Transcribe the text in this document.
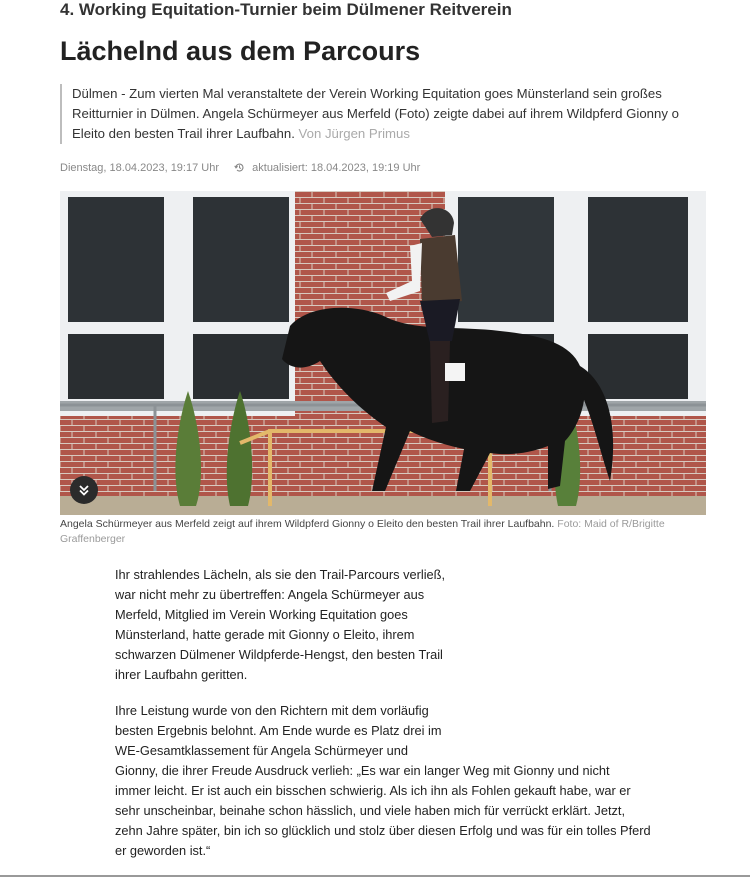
4. Working Equitation-Turnier beim Dülmener Reitverein
Lächelnd aus dem Parcours
Dülmen - Zum vierten Mal veranstaltete der Verein Working Equitation goes Münsterland sein großes Reitturnier in Dülmen. Angela Schürmeyer aus Merfeld (Foto) zeigte dabei auf ihrem Wildpferd Gionny o Eleito den besten Trail ihrer Laufbahn. Von Jürgen Primus
Dienstag, 18.04.2023, 19:17 Uhr	aktualisiert: 18.04.2023, 19:19 Uhr
Angela Schürmeyer aus Merfeld zeigt auf ihrem Wildpferd Gionny o Eleito den besten Trail ihrer Laufbahn. Foto: Maid of R/Brigitte Graffenberger

Ihr strahlendes Lächeln, als sie den Trail-Parcours verließ,
war nicht mehr zu übertreffen: Angela Schürmeyer aus
Merfeld, Mitglied im Verein Working Equitation goes
Münsterland, hatte gerade mit Gionny o Eleito, ihrem
schwarzen Dülmener Wildpferde-Hengst, den besten Trail
ihrer Laufbahn geritten.

Ihre Leistung wurde von den Richtern mit dem vorläufig
besten Ergebnis belohnt. Am Ende wurde es Platz drei im
WE-Gesamtklassement für Angela Schürmeyer und
Gionny, die ihrer Freude Ausdruck verlieh: „Es war ein langer Weg mit Gionny und nicht
immer leicht. Er ist auch ein bisschen schwierig. Als ich ihn als Fohlen gekauft habe, war er
sehr unscheinbar, beinahe schon hässlich, und viele haben mich für verrückt erklärt. Jetzt,
zehn Jahre später, bin ich so glücklich und stolz über diesen Erfolg und was für ein tolles Pferd
er geworden ist.“
